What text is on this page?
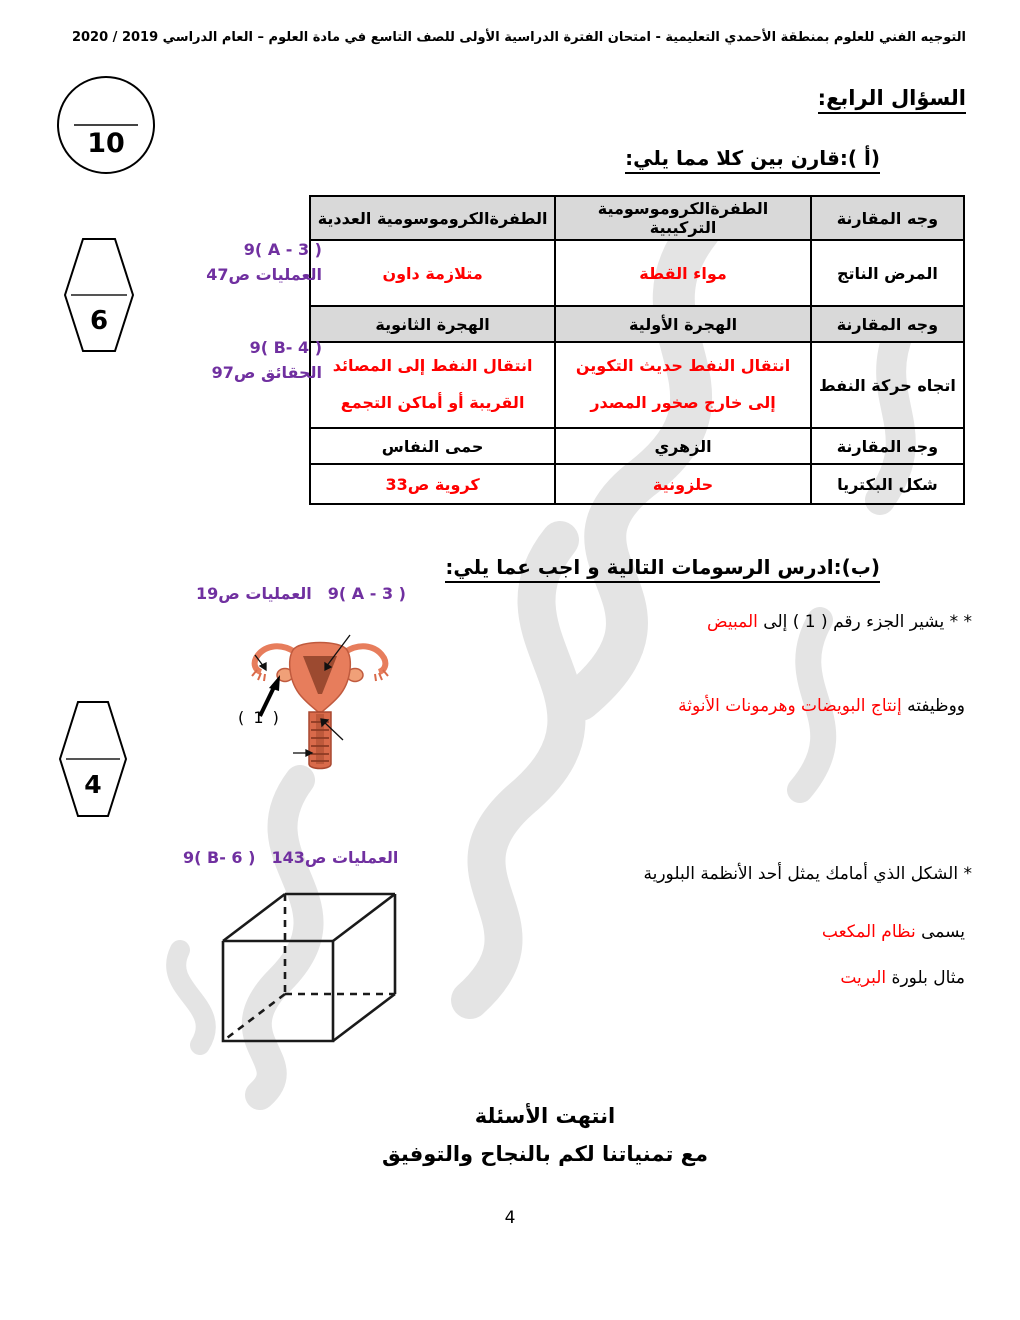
التوجيه الفني للعلوم بمنطقة الأحمدي التعليمية - امتحان الفترة الدراسية الأولى للصف التاسع في مادة العلوم – العام الدراسي 2019 / 2020
10
السؤال الرابع:
(أ ):قارن بين كلا مما يلي:
وجه المقارنة	الطفرةالكروموسومية التركيبية	الطفرةالكروموسومية العددية
المرض الناتج	مواء القطة	متلازمة داون
وجه المقارنة	الهجرة الأولية	الهجرة الثانوية
اتجاه حركة النفط	انتقال النفط حديث التكوين إلى خارج صخور المصدر	انتقال النفط إلى المصائد القريبة أو أماكن التجمع
وجه المقارنة	الزهري	حمى النفاس
شكل البكتريا	حلزونية	كروية ص33
6
9( A - 3 )
العمليات ص47
9( B- 4 )
الحقائق ص97
(ب):ادرس الرسومات التالية و اجب عما يلي:
العمليات ص19 9( A - 3 )
* * يشير الجزء رقم ( 1 ) إلى المبيض
( 1 )
ووظيفته إنتاج البويضات وهرمونات الأنوثة
4
9( B- 6 ) العمليات ص143
* الشكل الذي أمامك يمثل أحد الأنظمة البلورية
يسمى نظام المكعب
مثال بلورة البريت
انتهت الأسئلة
مع تمنياتنا لكم بالنجاح والتوفيق
4
